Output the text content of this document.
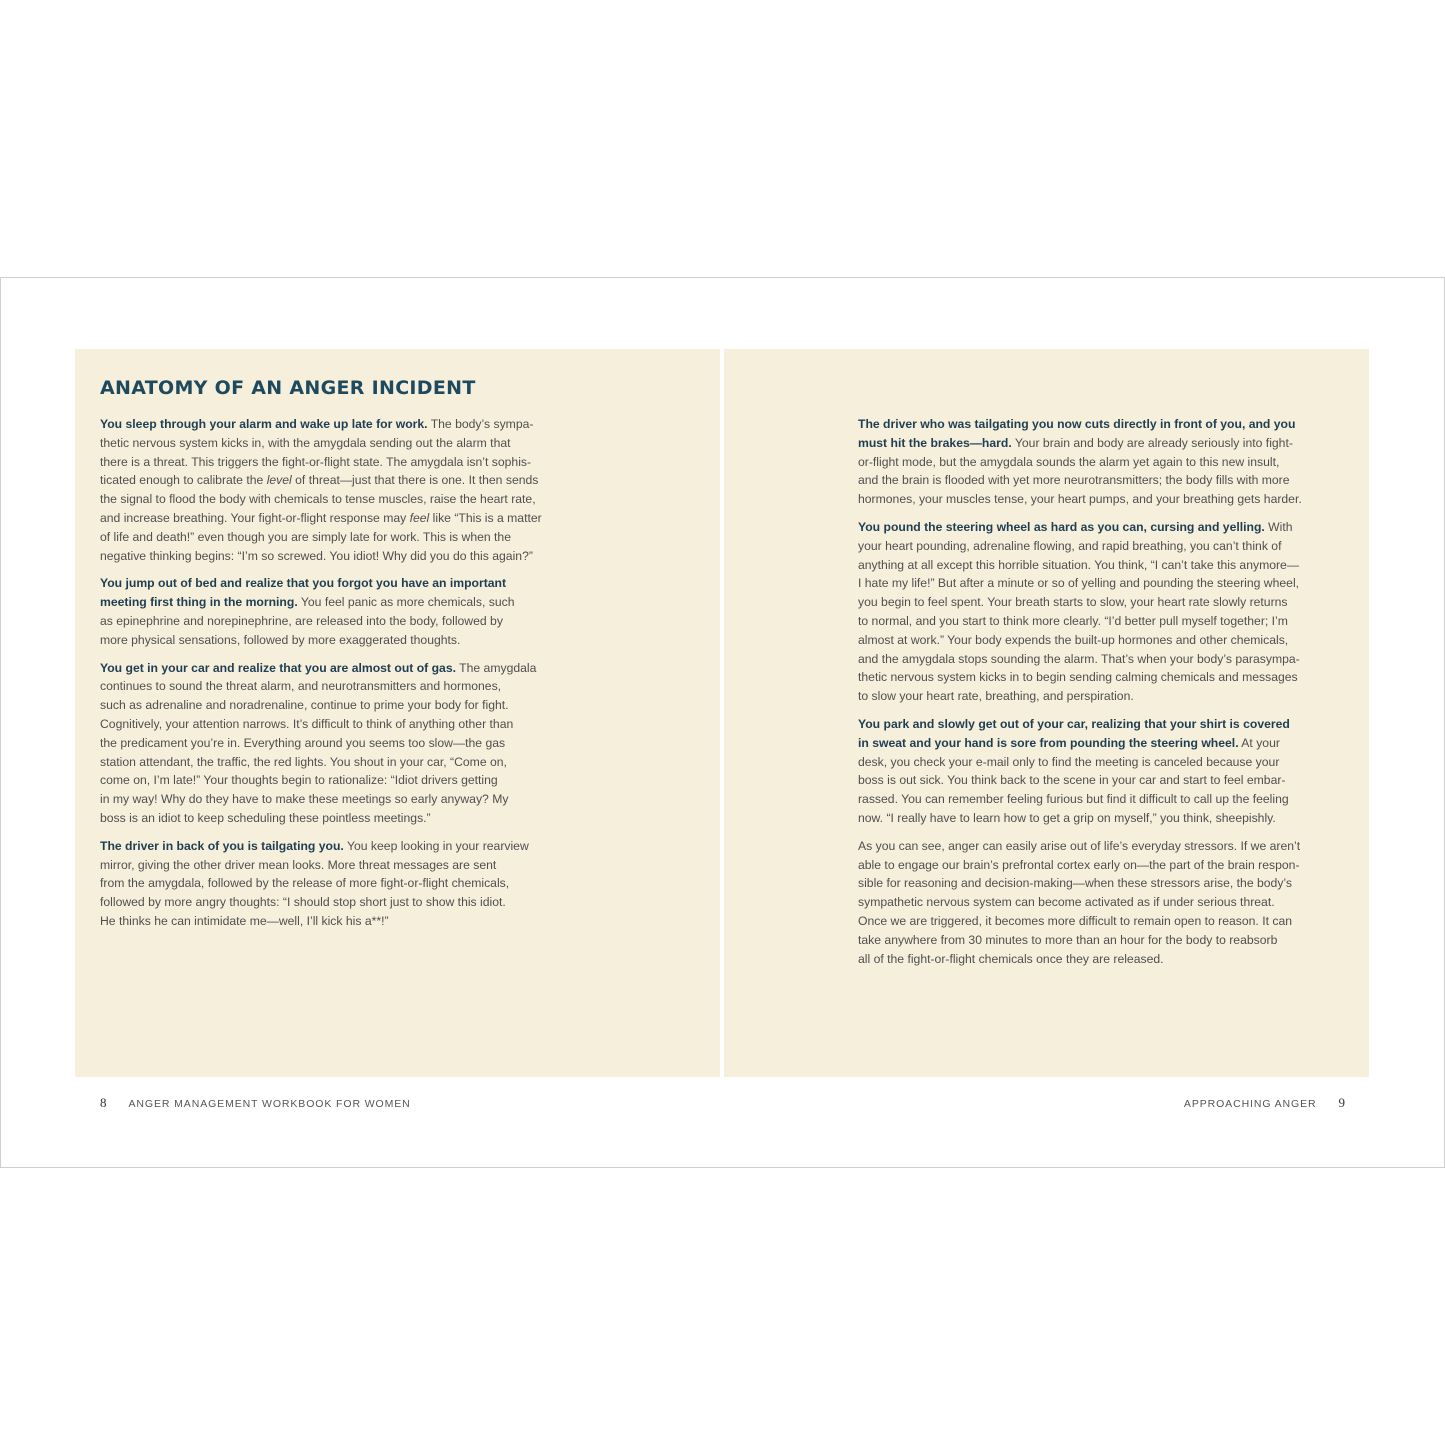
ANATOMY OF AN ANGER INCIDENT

You sleep through your alarm and wake up late for work. The body’s sympa-
thetic nervous system kicks in, with the amygdala sending out the alarm that
there is a threat. This triggers the fight-or-flight state. The amygdala isn’t sophis-
ticated enough to calibrate the level of threat—just that there is one. It then sends
the signal to flood the body with chemicals to tense muscles, raise the heart rate,
and increase breathing. Your fight-or-flight response may feel like “This is a matter
of life and death!” even though you are simply late for work. This is when the
negative thinking begins: “I’m so screwed. You idiot! Why did you do this again?”

You jump out of bed and realize that you forgot you have an important
meeting first thing in the morning. You feel panic as more chemicals, such
as epinephrine and norepinephrine, are released into the body, followed by
more physical sensations, followed by more exaggerated thoughts.

You get in your car and realize that you are almost out of gas. The amygdala
continues to sound the threat alarm, and neurotransmitters and hormones,
such as adrenaline and noradrenaline, continue to prime your body for fight.
Cognitively, your attention narrows. It’s difficult to think of anything other than
the predicament you’re in. Everything around you seems too slow—the gas
station attendant, the traffic, the red lights. You shout in your car, “Come on,
come on, I’m late!” Your thoughts begin to rationalize: “Idiot drivers getting
in my way! Why do they have to make these meetings so early anyway? My
boss is an idiot to keep scheduling these pointless meetings.”

The driver in back of you is tailgating you. You keep looking in your rearview
mirror, giving the other driver mean looks. More threat messages are sent
from the amygdala, followed by the release of more fight-or-flight chemicals,
followed by more angry thoughts: “I should stop short just to show this idiot.
He thinks he can intimidate me—well, I’ll kick his a**!”

The driver who was tailgating you now cuts directly in front of you, and you
must hit the brakes—hard. Your brain and body are already seriously into fight-
or-flight mode, but the amygdala sounds the alarm yet again to this new insult,
and the brain is flooded with yet more neurotransmitters; the body fills with more
hormones, your muscles tense, your heart pumps, and your breathing gets harder.

You pound the steering wheel as hard as you can, cursing and yelling. With
your heart pounding, adrenaline flowing, and rapid breathing, you can’t think of
anything at all except this horrible situation. You think, “I can’t take this anymore—
I hate my life!” But after a minute or so of yelling and pounding the steering wheel,
you begin to feel spent. Your breath starts to slow, your heart rate slowly returns
to normal, and you start to think more clearly. “I’d better pull myself together; I’m
almost at work.” Your body expends the built-up hormones and other chemicals,
and the amygdala stops sounding the alarm. That’s when your body’s parasympa-
thetic nervous system kicks in to begin sending calming chemicals and messages
to slow your heart rate, breathing, and perspiration.

You park and slowly get out of your car, realizing that your shirt is covered
in sweat and your hand is sore from pounding the steering wheel. At your
desk, you check your e-mail only to find the meeting is canceled because your
boss is out sick. You think back to the scene in your car and start to feel embar-
rassed. You can remember feeling furious but find it difficult to call up the feeling
now. “I really have to learn how to get a grip on myself,” you think, sheepishly.

As you can see, anger can easily arise out of life’s everyday stressors. If we aren’t
able to engage our brain’s prefrontal cortex early on—the part of the brain respon-
sible for reasoning and decision-making—when these stressors arise, the body’s
sympathetic nervous system can become activated as if under serious threat.
Once we are triggered, it becomes more difficult to remain open to reason. It can
take anywhere from 30 minutes to more than an hour for the body to reabsorb
all of the fight-or-flight chemicals once they are released.

8 ANGER MANAGEMENT WORKBOOK FOR WOMEN	APPROACHING ANGER 9
